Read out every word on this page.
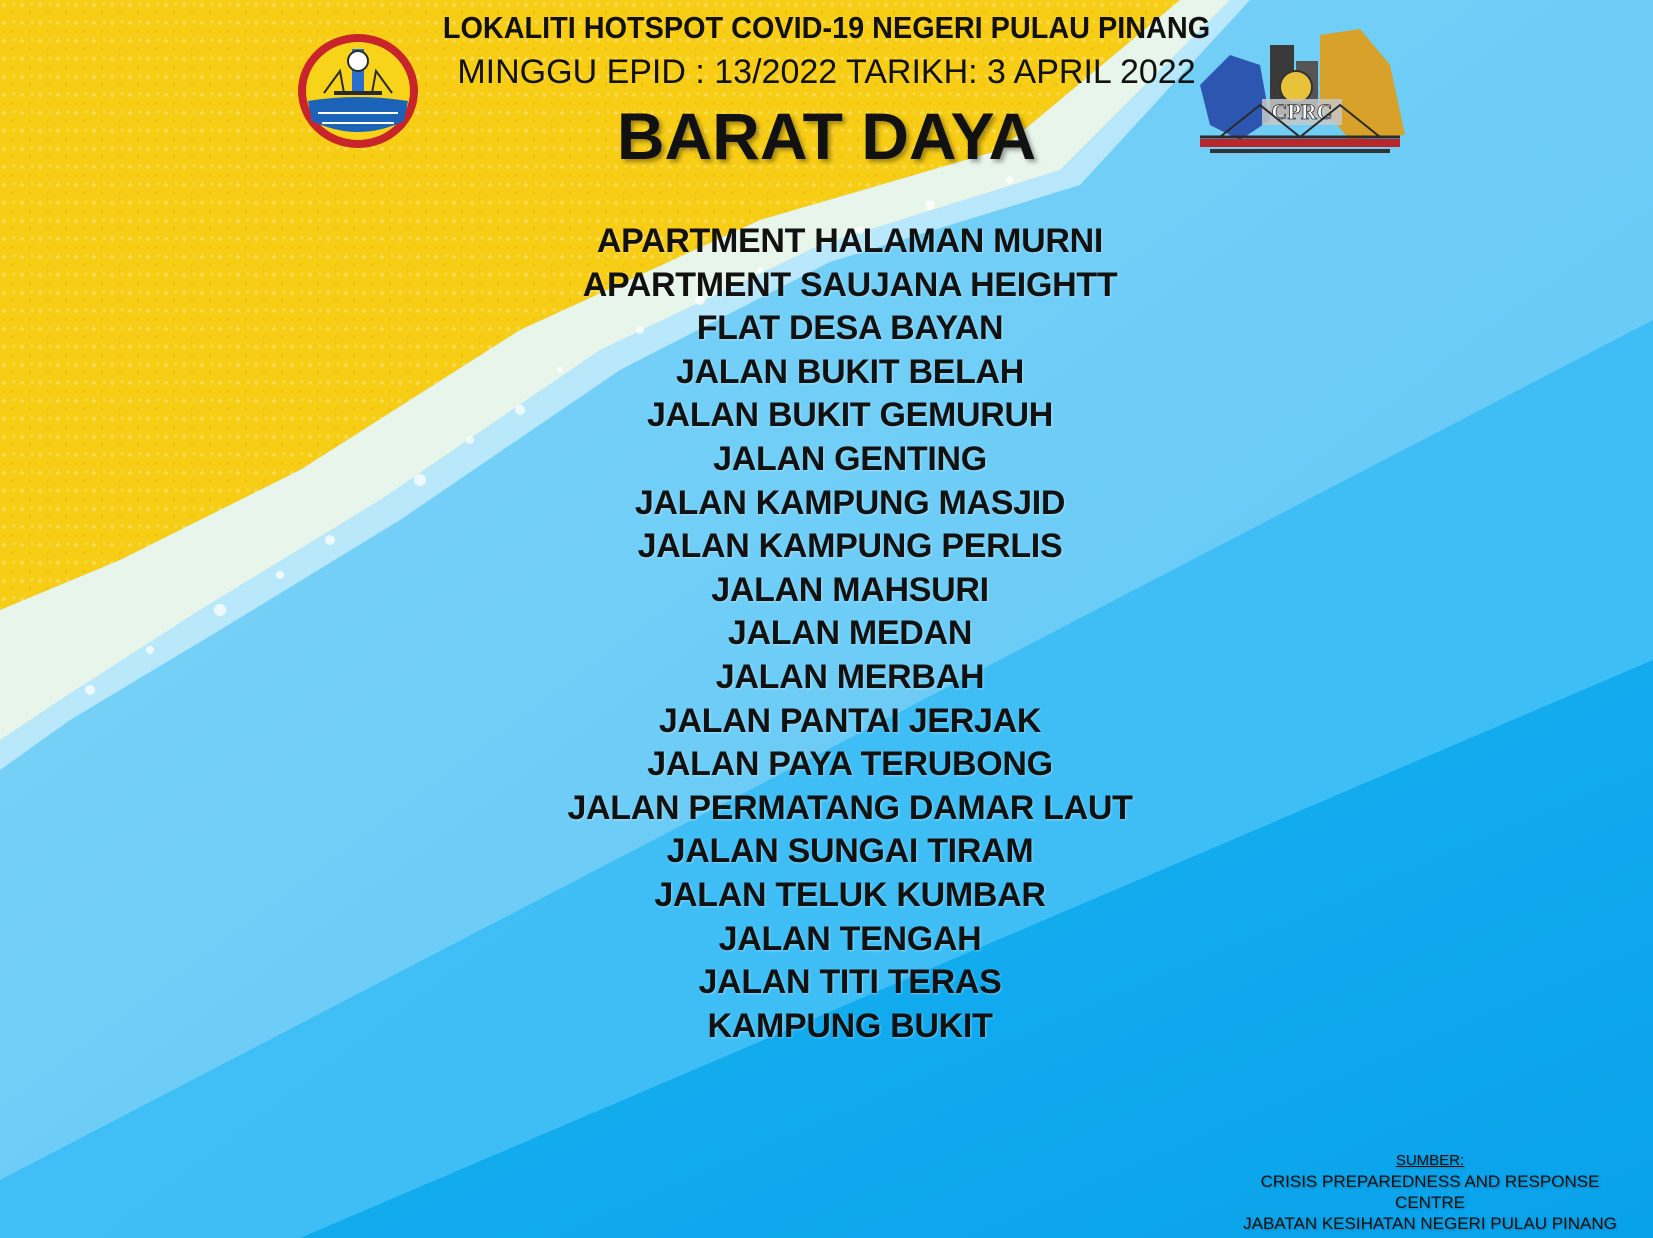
CPRC
LOKALITI HOTSPOT COVID-19 NEGERI PULAU PINANG
MINGGU EPID : 13/2022 TARIKH: 3 APRIL 2022
BARAT DAYA
APARTMENT HALAMAN MURNI
APARTMENT SAUJANA HEIGHTT
FLAT DESA BAYAN
JALAN BUKIT BELAH
JALAN BUKIT GEMURUH
JALAN GENTING
JALAN KAMPUNG MASJID
JALAN KAMPUNG PERLIS
JALAN MAHSURI
JALAN MEDAN
JALAN MERBAH
JALAN PANTAI JERJAK
JALAN PAYA TERUBONG
JALAN PERMATANG DAMAR LAUT
JALAN SUNGAI TIRAM
JALAN TELUK KUMBAR
JALAN TENGAH
JALAN TITI TERAS
KAMPUNG BUKIT
SUMBER:
CRISIS PREPAREDNESS AND RESPONSE
CENTRE
JABATAN KESIHATAN NEGERI PULAU PINANG
